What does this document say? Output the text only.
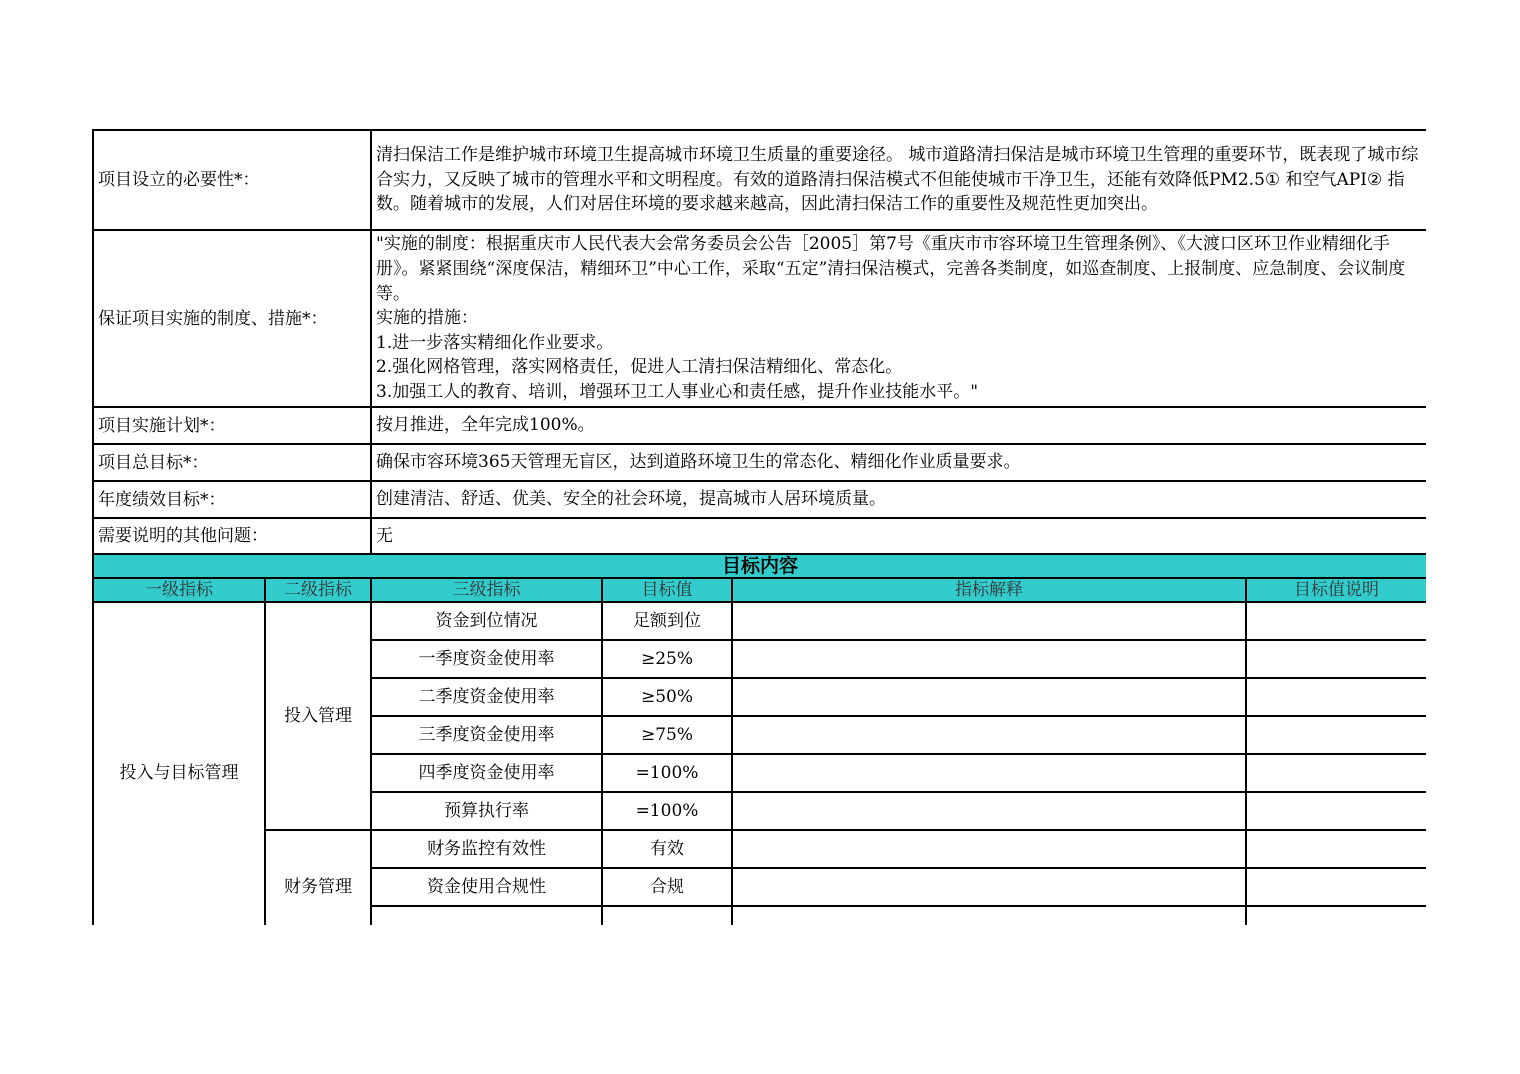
项目设立的必要性*：	清扫保洁工作是维护城市环境卫生提高城市环境卫生质量的重要途径。 城市道路清扫保洁是城市环境卫生管理的重要环节，既表现了城市综合实力，又反映了城市的管理水平和文明程度。有效的道路清扫保洁模式不但能使城市干净卫生，还能有效降低PM2.5① 和空气API② 指数。随着城市的发展，人们对居住环境的要求越来越高，因此清扫保洁工作的重要性及规范性更加突出。
保证项目实施的制度、措施*：	"实施的制度：根据重庆市人民代表大会常务委员会公告［2005］第7号《重庆市市容环境卫生管理条例》、《大渡口区环卫作业精细化手册》。紧紧围绕“深度保洁，精细环卫”中心工作，采取“五定”清扫保洁模式，完善各类制度，如巡查制度、上报制度、应急制度、会议制度等。
实施的措施：
1.进一步落实精细化作业要求。
2.强化网格管理，落实网格责任，促进人工清扫保洁精细化、常态化。
3.加强工人的教育、培训，增强环卫工人事业心和责任感，提升作业技能水平。"
项目实施计划*：	按月推进，全年完成100%。
项目总目标*：	确保市容环境365天管理无盲区，达到道路环境卫生的常态化、精细化作业质量要求。
年度绩效目标*：	创建清洁、舒适、优美、安全的社会环境，提高城市人居环境质量。
需要说明的其他问题：	无
目标内容					
一级指标	二级指标	三级指标	目标值	指标解释	目标值说明
投入与目标管理	投入管理	资金到位情况	足额到位		
		一季度资金使用率	≥25%		
		二季度资金使用率	≥50%		
		三季度资金使用率	≥75%		
		四季度资金使用率	=100%		
		预算执行率	=100%		
	财务管理	财务监控有效性	有效		
		资金使用合规性	合规		
